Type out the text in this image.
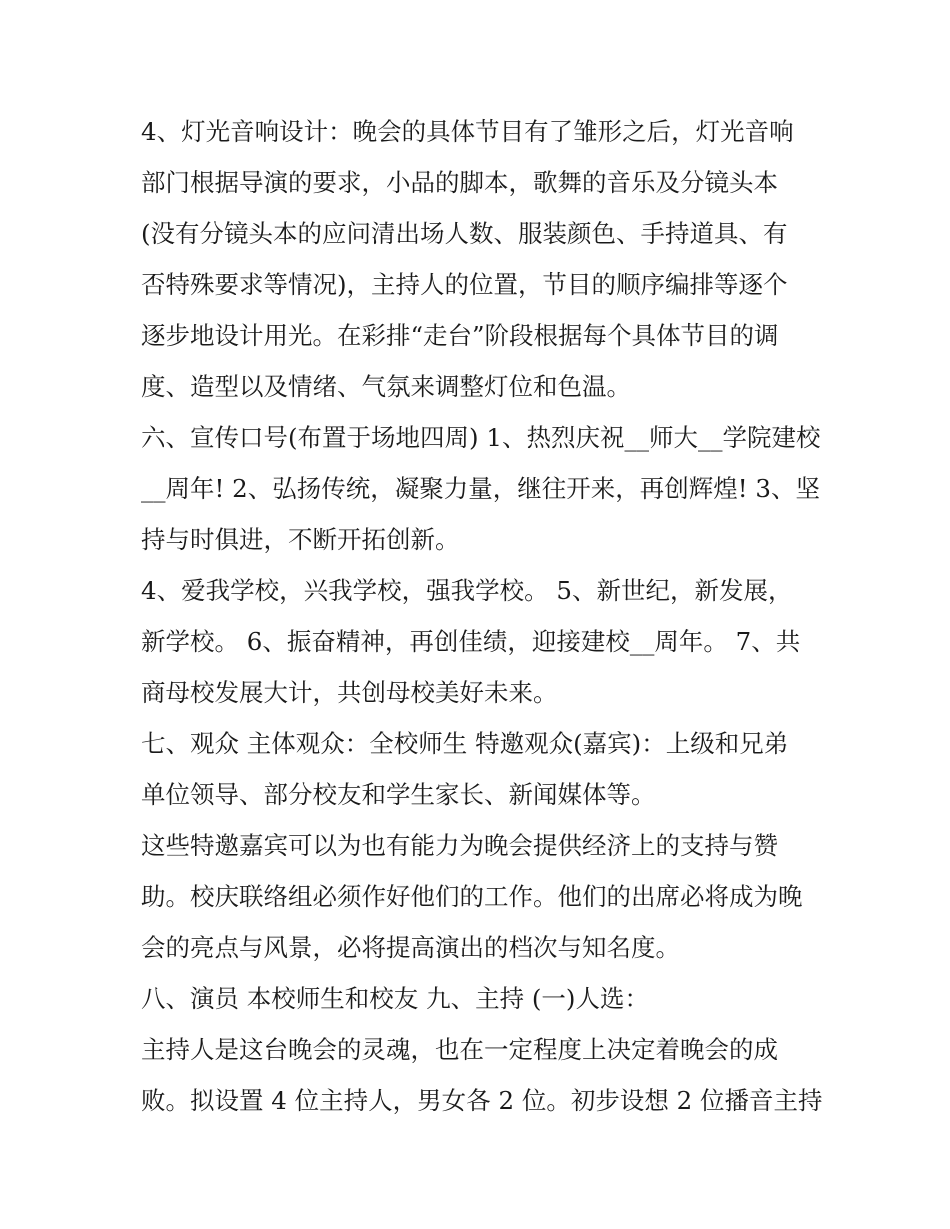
4、灯光音响设计：晚会的具体节目有了雏形之后，灯光音响
部门根据导演的要求，小品的脚本，歌舞的音乐及分镜头本
(没有分镜头本的应问清出场人数、服装颜色、手持道具、有
否特殊要求等情况)，主持人的位置，节目的顺序编排等逐个
逐步地设计用光。在彩排“走台”阶段根据每个具体节目的调
度、造型以及情绪、气氛来调整灯位和色温。
六、宣传口号(布置于场地四周) 1、热烈庆祝__师大__学院建校
__周年! 2、弘扬传统，凝聚力量，继往开来，再创辉煌! 3、坚
持与时俱进，不断开拓创新。
4、爱我学校，兴我学校，强我学校。 5、新世纪，新发展，
新学校。 6、振奋精神，再创佳绩，迎接建校__周年。 7、共
商母校发展大计，共创母校美好未来。
七、观众 主体观众：全校师生 特邀观众(嘉宾)：上级和兄弟
单位领导、部分校友和学生家长、新闻媒体等。
这些特邀嘉宾可以为也有能力为晚会提供经济上的支持与赞
助。校庆联络组必须作好他们的工作。他们的出席必将成为晚
会的亮点与风景，必将提高演出的档次与知名度。
八、演员 本校师生和校友 九、主持 (一)人选：
主持人是这台晚会的灵魂，也在一定程度上决定着晚会的成
败。拟设置 4 位主持人，男女各 2 位。初步设想 2 位播音主持
